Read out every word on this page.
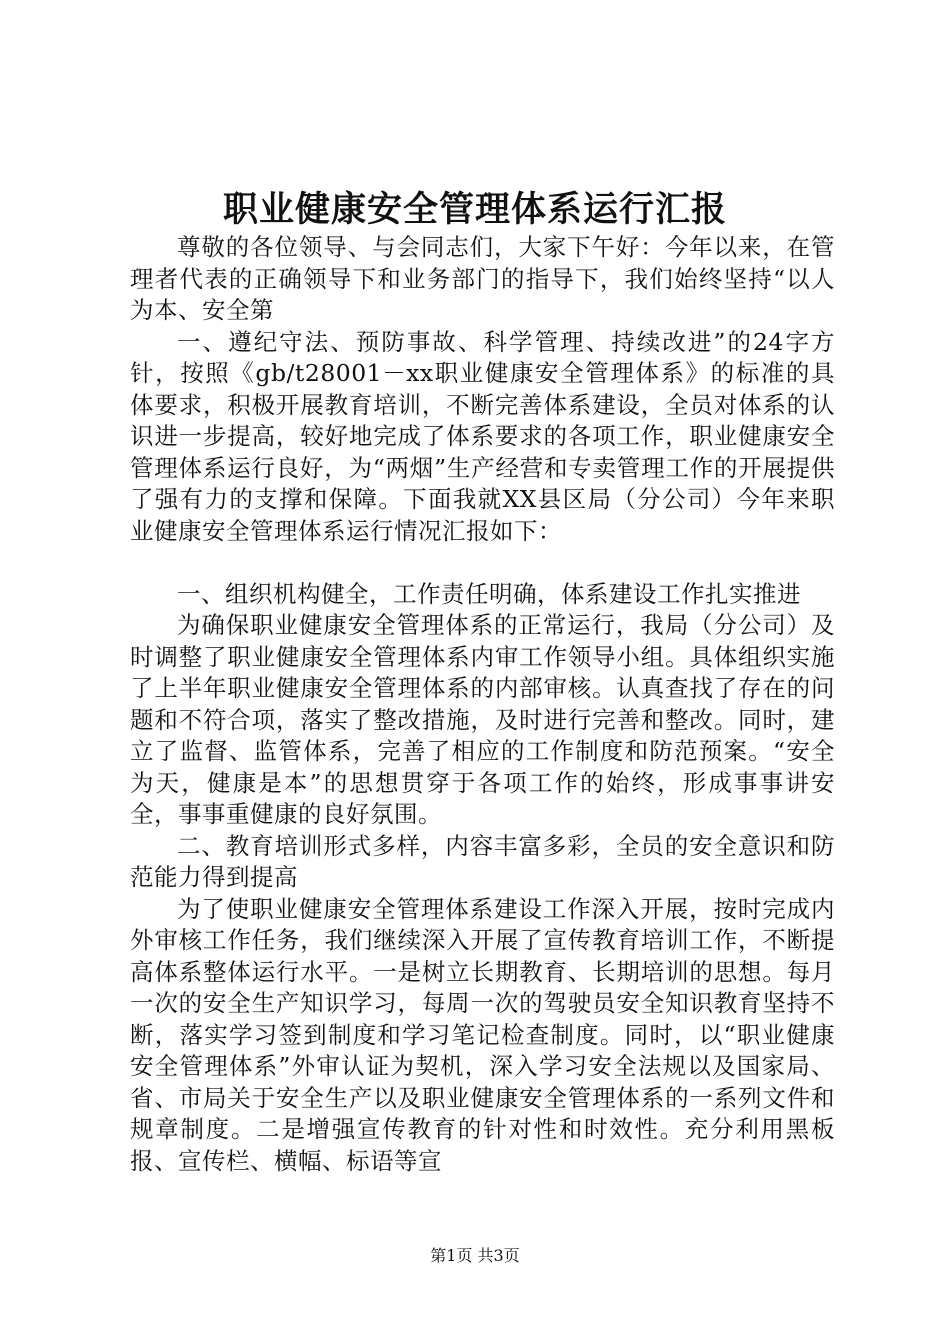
职业健康安全管理体系运行汇报

尊敬的各位领导、与会同志们，大家下午好：今年以来，在管理者代表的正确领导下和业务部门的指导下，我们始终坚持“以人为本、安全第

一、遵纪守法、预防事故、科学管理、持续改进”的24字方针，按照《gb/t28001－xx职业健康安全管理体系》的标准的具体要求，积极开展教育培训，不断完善体系建设，全员对体系的认识进一步提高，较好地完成了体系要求的各项工作，职业健康安全管理体系运行良好，为“两烟”生产经营和专卖管理工作的开展提供了强有力的支撑和保障。下面我就XX县区局（分公司）今年来职业健康安全管理体系运行情况汇报如下：

一、组织机构健全，工作责任明确，体系建设工作扎实推进

为确保职业健康安全管理体系的正常运行，我局（分公司）及时调整了职业健康安全管理体系内审工作领导小组。具体组织实施了上半年职业健康安全管理体系的内部审核。认真查找了存在的问题和不符合项，落实了整改措施，及时进行完善和整改。同时，建立了监督、监管体系，完善了相应的工作制度和防范预案。“安全为天，健康是本”的思想贯穿于各项工作的始终，形成事事讲安全，事事重健康的良好氛围。

二、教育培训形式多样，内容丰富多彩，全员的安全意识和防范能力得到提高

为了使职业健康安全管理体系建设工作深入开展，按时完成内外审核工作任务，我们继续深入开展了宣传教育培训工作，不断提高体系整体运行水平。一是树立长期教育、长期培训的思想。每月一次的安全生产知识学习，每周一次的驾驶员安全知识教育坚持不断，落实学习签到制度和学习笔记检查制度。同时，以“职业健康安全管理体系”外审认证为契机，深入学习安全法规以及国家局、省、市局关于安全生产以及职业健康安全管理体系的一系列文件和规章制度。二是增强宣传教育的针对性和时效性。充分利用黑板报、宣传栏、横幅、标语等宣

第1页 共3页
